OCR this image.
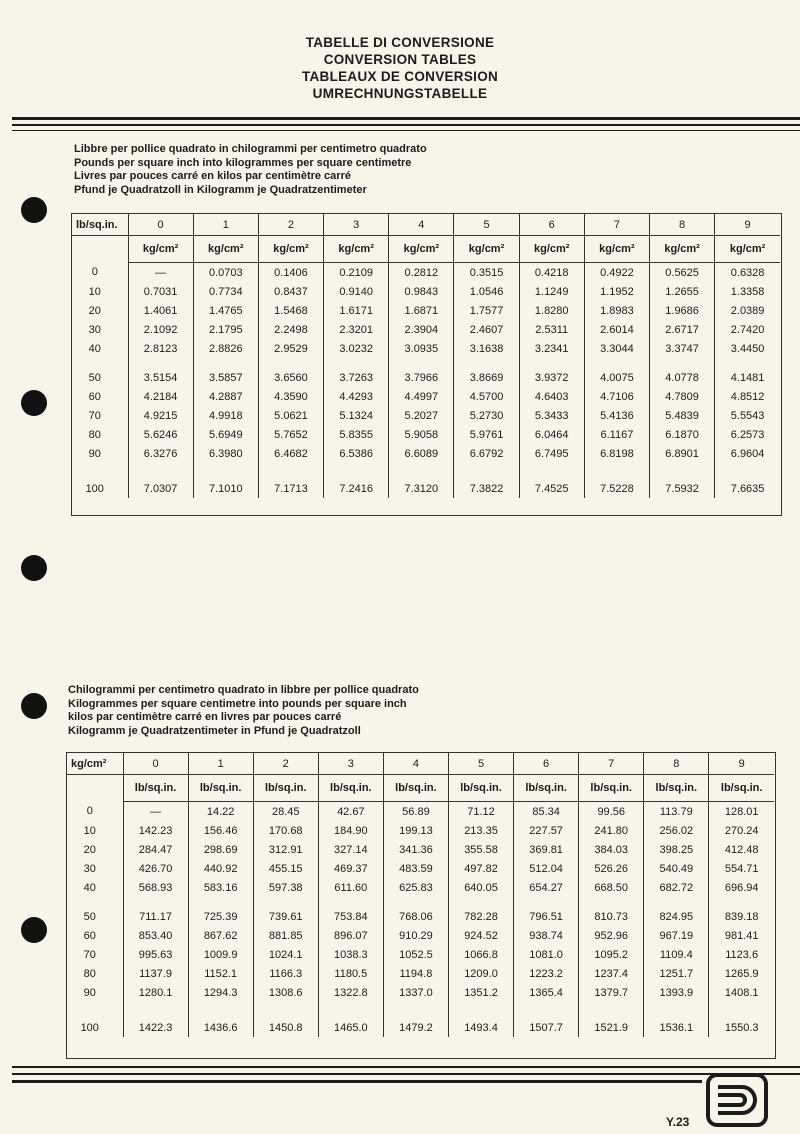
TABELLE DI CONVERSIONE
CONVERSION TABLES
TABLEAUX DE CONVERSION
UMRECHNUNGSTABELLE
Libbre per pollice quadrato in chilogrammi per centimetro quadrato
Pounds per square inch into kilogrammes per square centimetre
Livres par pouces carré en kilos par centimètre carré
Pfund je Quadratzoll in Kilogramm je Quadratzentimeter
lb/sq.in.	0	1	2	3	4	5	6	7	8	9
	kg/cm²	kg/cm²	kg/cm²	kg/cm²	kg/cm²	kg/cm²	kg/cm²	kg/cm²	kg/cm²	kg/cm²
0	—	0.0703	0.1406	0.2109	0.2812	0.3515	0.4218	0.4922	0.5625	0.6328
10	0.7031	0.7734	0.8437	0.9140	0.9843	1.0546	1.1249	1.1952	1.2655	1.3358
20	1.4061	1.4765	1.5468	1.6171	1.6871	1.7577	1.8280	1.8983	1.9686	2.0389
30	2.1092	2.1795	2.2498	2.3201	2.3904	2.4607	2.5311	2.6014	2.6717	2.7420
40	2.8123	2.8826	2.9529	3.0232	3.0935	3.1638	3.2341	3.3044	3.3747	3.4450

50	3.5154	3.5857	3.6560	3.7263	3.7966	3.8669	3.9372	4.0075	4.0778	4.1481
60	4.2184	4.2887	4.3590	4.4293	4.4997	4.5700	4.6403	4.7106	4.7809	4.8512
70	4.9215	4.9918	5.0621	5.1324	5.2027	5.2730	5.3433	5.4136	5.4839	5.5543
80	5.6246	5.6949	5.7652	5.8355	5.9058	5.9761	6.0464	6.1167	6.1870	6.2573
90	6.3276	6.3980	6.4682	6.5386	6.6089	6.6792	6.7495	6.8198	6.8901	6.9604

100	7.0307	7.1010	7.1713	7.2416	7.3120	7.3822	7.4525	7.5228	7.5932	7.6635
Chilogrammi per centimetro quadrato in libbre per pollice quadrato
Kilogrammes per square centimetre into pounds per square inch
kilos par centimètre carré en livres par pouces carré
Kilogramm je Quadratzentimeter in Pfund je Quadratzoll
kg/cm²	0	1	2	3	4	5	6	7	8	9
	lb/sq.in.	lb/sq.in.	lb/sq.in.	lb/sq.in.	lb/sq.in.	lb/sq.in.	lb/sq.in.	lb/sq.in.	lb/sq.in.	lb/sq.in.
0	—	14.22	28.45	42.67	56.89	71.12	85.34	99.56	113.79	128.01
10	142.23	156.46	170.68	184.90	199.13	213.35	227.57	241.80	256.02	270.24
20	284.47	298.69	312.91	327.14	341.36	355.58	369.81	384.03	398.25	412.48
30	426.70	440.92	455.15	469.37	483.59	497.82	512.04	526.26	540.49	554.71
40	568.93	583.16	597.38	611.60	625.83	640.05	654.27	668.50	682.72	696.94

50	711.17	725.39	739.61	753.84	768.06	782.28	796.51	810.73	824.95	839.18
60	853.40	867.62	881.85	896.07	910.29	924.52	938.74	952.96	967.19	981.41
70	995.63	1009.9	1024.1	1038.3	1052.5	1066.8	1081.0	1095.2	1109.4	1123.6
80	1137.9	1152.1	1166.3	1180.5	1194.8	1209.0	1223.2	1237.4	1251.7	1265.9
90	1280.1	1294.3	1308.6	1322.8	1337.0	1351.2	1365.4	1379.7	1393.9	1408.1

100	1422.3	1436.6	1450.8	1465.0	1479.2	1493.4	1507.7	1521.9	1536.1	1550.3
Y.23
